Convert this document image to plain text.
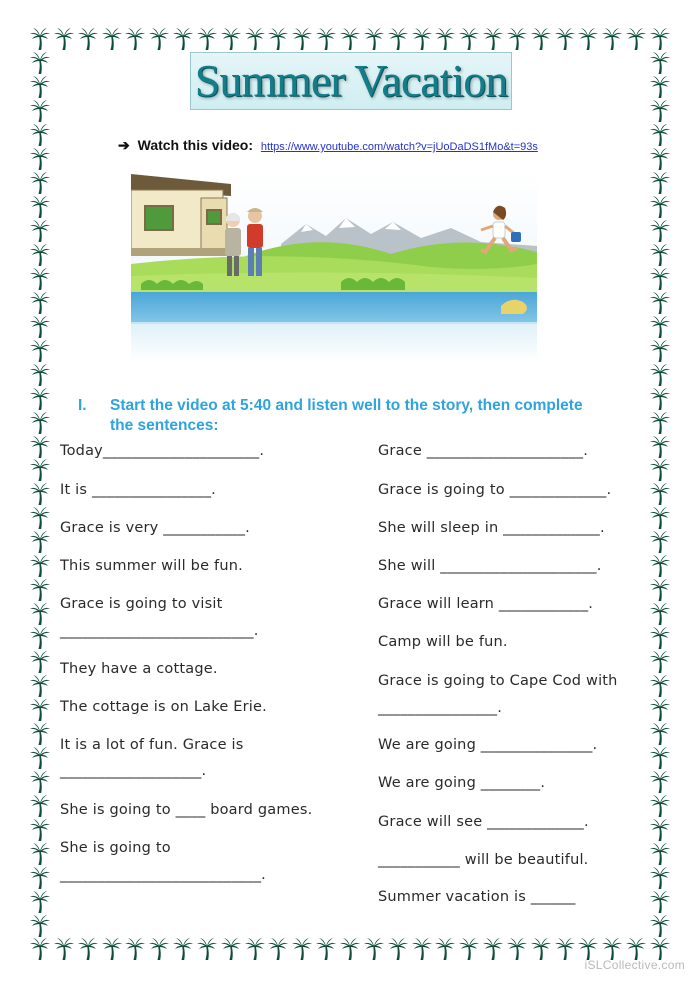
Summer Vacation
➔ Watch this video: https://www.youtube.com/watch?v=jUoDaDS1fMo&t=93s
I. Start the video at 5:40 and listen well to the story, then complete
the sentences:
Today_____________________.
It is ________________.
Grace is very ___________.
This summer will be fun.
Grace is going to visit
__________________________.
They have a cottage.
The cottage is on Lake Erie.
It is a lot of fun. Grace is
___________________.
She is going to ____ board games.
She is going to
___________________________.
Grace _____________________.
Grace is going to _____________.
She will sleep in _____________.
She will _____________________.
Grace will learn ____________.
Camp will be fun.
Grace is going to Cape Cod with
________________.
We are going _______________.
We are going ________.
Grace will see _____________.
___________ will be beautiful.
Summer vacation is ______
iSLCollective.com
